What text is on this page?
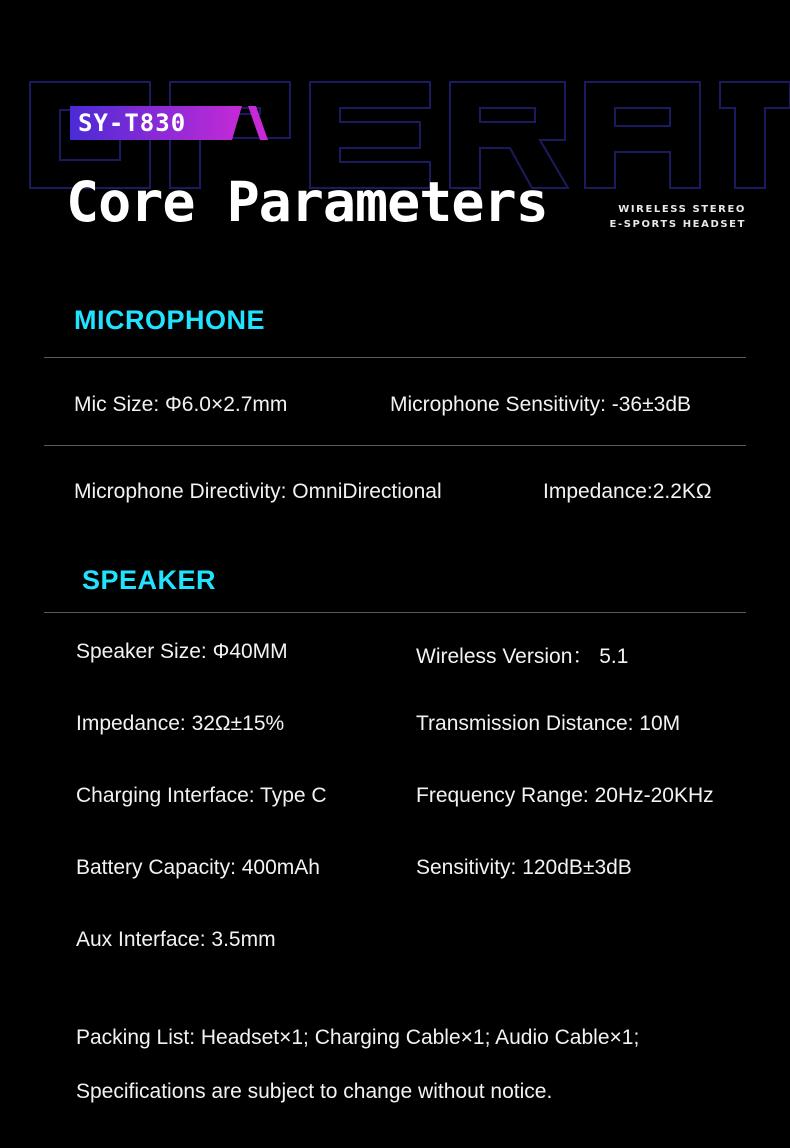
SY-T830
Core Parameters	WIRELESS STEREO
E-SPORTS HEADSET
MICROPHONE
Mic Size: Φ6.0×2.7mm	Microphone Sensitivity: -36±3dB
Microphone Directivity: OmniDirectional	Impedance:2.2KΩ
SPEAKER
Speaker Size: Φ40MM	Wireless Version： 5.1
Impedance: 32Ω±15%	Transmission Distance: 10M
Charging Interface: Type C	Frequency Range: 20Hz-20KHz
Battery Capacity: 400mAh	Sensitivity: 120dB±3dB
Aux Interface: 3.5mm
Packing List: Headset×1; Charging Cable×1; Audio Cable×1;
Specifications are subject to change without notice.
